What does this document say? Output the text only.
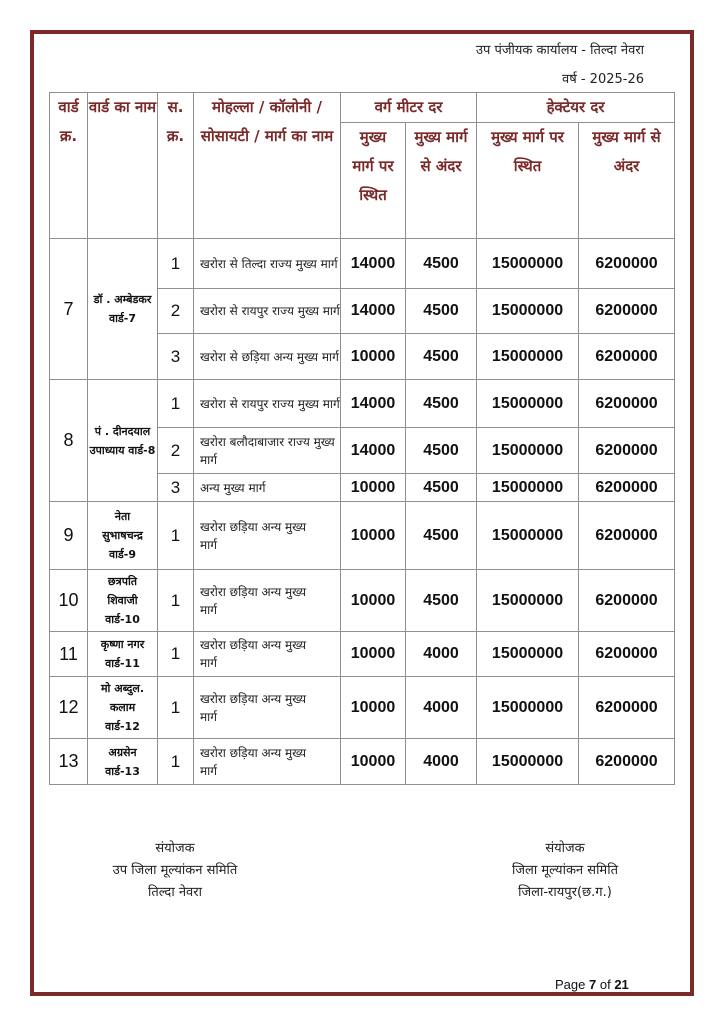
उप पंजीयक कार्यालय - तिल्दा नेवरा
वर्ष - 2025-26
वार्ड क्र.	वार्ड का नाम	स. क्र.	मोहल्ला / कॉलोनी / सोसायटी / मार्ग का नाम	वर्ग मीटर दर		हेक्टेयर दर	
				मुख्य मार्ग पर स्थित	मुख्य मार्ग से अंदर	मुख्य मार्ग पर स्थित	मुख्य मार्ग से अंदर
7	डॉ . अम्बेडकर वार्ड-7	1	खरोरा से तिल्दा राज्य मुख्य मार्ग	14000	4500	15000000	6200000
		2	खरोरा से रायपुर राज्य मुख्य मार्ग	14000	4500	15000000	6200000
		3	खरोरा से छड़िया अन्य मुख्य मार्ग	10000	4500	15000000	6200000
8	पं . दीनदयाल उपाध्याय वार्ड-8	1	खरोरा से रायपुर राज्य मुख्य मार्ग	14000	4500	15000000	6200000
		2	खरोरा बलौदाबाजार राज्य मुख्य मार्ग	14000	4500	15000000	6200000
		3	अन्य मुख्य मार्ग	10000	4500	15000000	6200000
9	नेता सुभाषचन्द्र वार्ड-9	1	खरोरा छड़िया अन्य मुख्य मार्ग	10000	4500	15000000	6200000
10	छत्रपति शिवाजी वार्ड-10	1	खरोरा छड़िया अन्य मुख्य मार्ग	10000	4500	15000000	6200000
11	कृष्णा नगर वार्ड-11	1	खरोरा छड़िया अन्य मुख्य मार्ग	10000	4000	15000000	6200000
12	मो अब्दुल. कलाम वार्ड-12	1	खरोरा छड़िया अन्य मुख्य मार्ग	10000	4000	15000000	6200000
13	अग्रसेन वार्ड-13	1	खरोरा छड़िया अन्य मुख्य मार्ग	10000	4000	15000000	6200000
संयोजक
उप जिला मूल्यांकन समिति
तिल्दा नेवरा
संयोजक
जिला मूल्यांकन समिति
जिला-रायपुर(छ.ग.)
Page 7 of 21
